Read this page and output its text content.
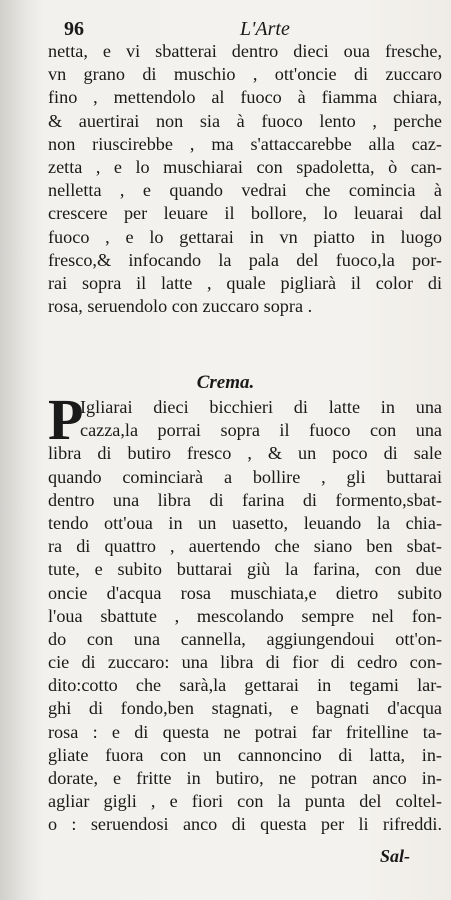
96	L'Arte
netta, e vi sbatterai dentro dieci oua fresche,
vn grano di muschio , ott'oncie di zuccaro
fino , mettendolo al fuoco à fiamma chiara,
& auertirai non sia à fuoco lento , perche
non riuscirebbe , ma s'attaccarebbe alla caz-
zetta , e lo muschiarai con spadoletta, ò can-
nelletta , e quando vedrai che comincia à
crescere per leuare il bollore, lo leuarai dal
fuoco , e lo gettarai in vn piatto in luogo
fresco,& infocando la pala del fuoco,la por-
rai sopra il latte , quale pigliarà il color di
rosa, seruendolo con zuccaro sopra .
Crema.
P
Igliarai dieci bicchieri di latte in una
cazza,la porrai sopra il fuoco con una
libra di butiro fresco , & un poco di sale
quando cominciarà a bollire , gli buttarai
dentro una libra di farina di formento,sbat-
tendo ott'oua in un uasetto, leuando la chia-
ra di quattro , auertendo che siano ben sbat-
tute, e subito buttarai giù la farina, con due
oncie d'acqua rosa muschiata,e dietro subito
l'oua sbattute , mescolando sempre nel fon-
do con una cannella, aggiungendoui ott'on-
cie di zuccaro: una libra di fior di cedro con-
dito:cotto che sarà,la gettarai in tegami lar-
ghi di fondo,ben stagnati, e bagnati d'acqua
rosa : e di questa ne potrai far fritelline ta-
gliate fuora con un cannoncino di latta, in-
dorate, e fritte in butiro, ne potran anco in-
agliar gigli , e fiori con la punta del coltel-
o : seruendosi anco di questa per li rifreddi.
Sal-
